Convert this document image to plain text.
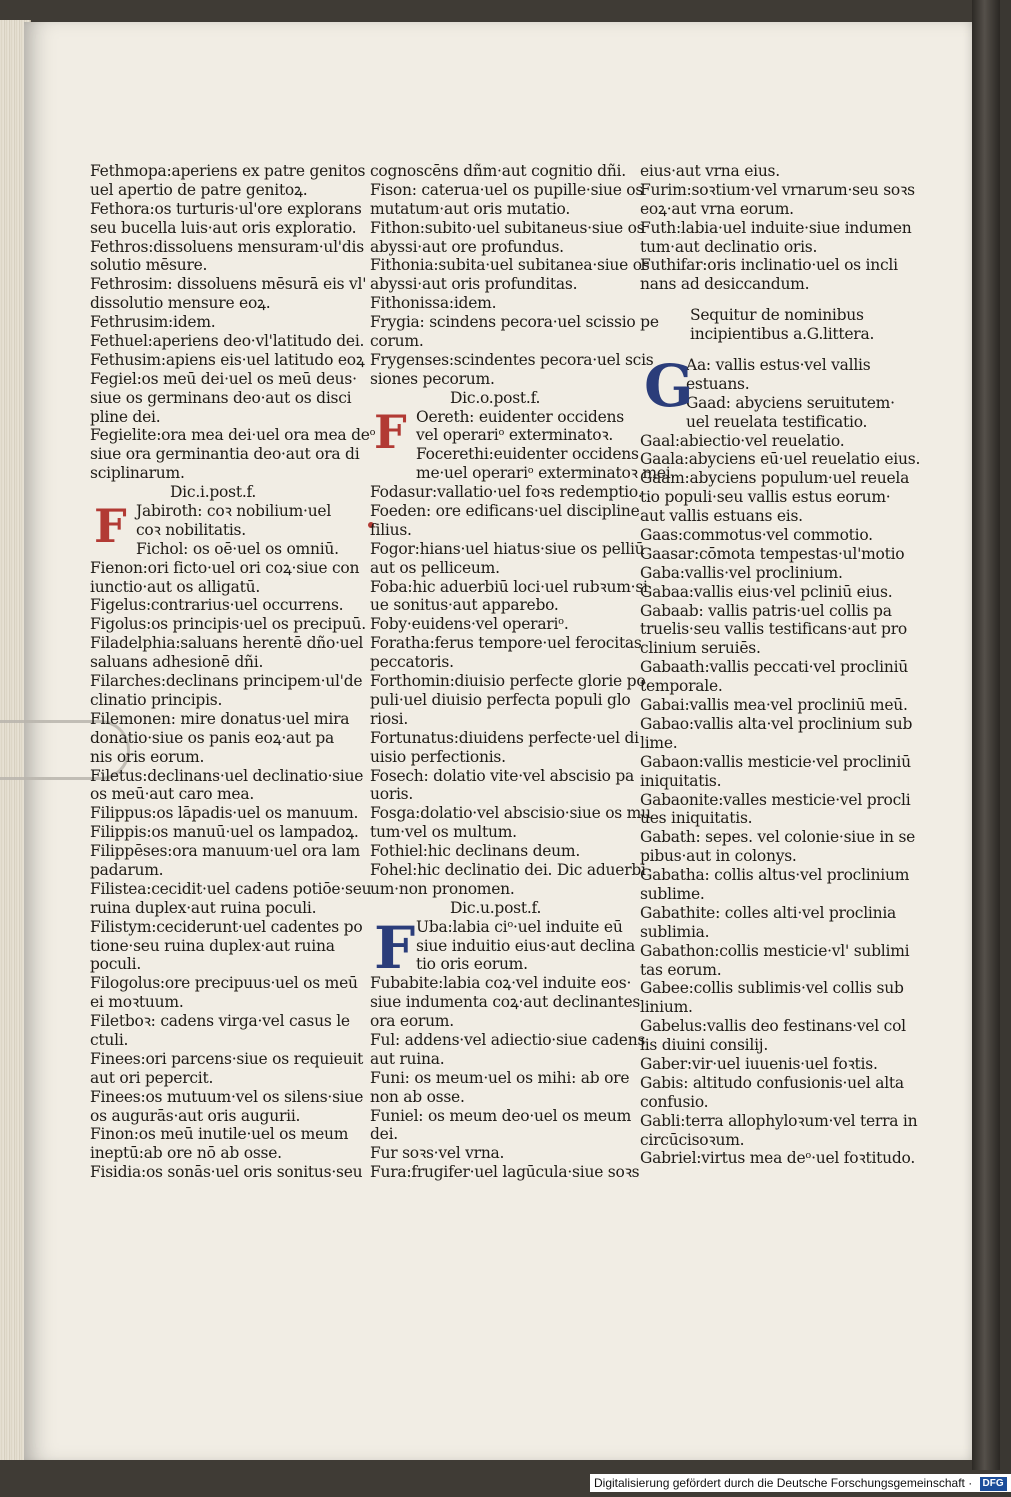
Fethmopa:aperiens ex patre genitos
uel apertio de patre genitoꝝ.
Fethora:os turturis·ul'ore explorans
seu bucella luis·aut oris exploratio.
Fethros:dissoluens mensuram·ul'dis
solutio mēsure.
Fethrosim: dissoluens mēsurā eis vl'
dissolutio mensure eoꝝ.
Fethrusim:idem.
Fethuel:aperiens deo·vl'latitudo dei.
Fethusim:apiens eis·uel latitudo eoꝝ
Fegiel:os meū dei·uel os meū deus·
siue os germinans deo·aut os disci
pline dei.
Fegielite:ora mea dei·uel ora mea deᵒ
siue ora germinantia deo·aut ora di
sciplinarum.
Dic.i.post.f.
F Jabiroth: coꝛ nobilium·uel
coꝛ nobilitatis.
Fichol: os oē·uel os omniū.
Fienon:ori ficto·uel ori coꝝ·siue con
iunctio·aut os alligatū.
Figelus:contrarius·uel occurrens.
Figolus:os principis·uel os precipuū.
Filadelphia:saluans herentē dño·uel
saluans adhesionē dñi.
Filarches:declinans principem·ul'de
clinatio principis.
Filemonen: mire donatus·uel mira
donatio·siue os panis eoꝝ·aut pa
nis oris eorum.
Filetus:declinans·uel declinatio·siue
os meū·aut caro mea.
Filippus:os lāpadis·uel os manuum.
Filippis:os manuū·uel os lampadoꝝ.
Filippēses:ora manuum·uel ora lam
padarum.
Filistea:cecidit·uel cadens potiōe·seu
ruina duplex·aut ruina poculi.
Filistym:ceciderunt·uel cadentes po
tione·seu ruina duplex·aut ruina
poculi.
Filogolus:ore precipuus·uel os meū
ei moꝛtuum.
Filetboꝛ: cadens virga·vel casus le
ctuli.
Finees:ori parcens·siue os requieuit
aut ori pepercit.
Finees:os mutuum·vel os silens·siue
os augurās·aut oris augurii.
Finon:os meū inutile·uel os meum
ineptū:ab ore nō ab osse.
Fisidia:os sonās·uel oris sonitus·seu
cognoscēns dñm·aut cognitio dñi.
Fison: caterua·uel os pupille·siue os
mutatum·aut oris mutatio.
Fithon:subito·uel subitaneus·siue os
abyssi·aut ore profundus.
Fithonia:subita·uel subitanea·siue os
abyssi·aut oris profunditas.
Fithonissa:idem.
Frygia: scindens pecora·uel scissio pe
corum.
Frygenses:scindentes pecora·uel scis
siones pecorum.
Dic.o.post.f.
F Oereth: euidenter occidens
vel operariᵒ exterminatoꝛ.
Focerethi:euidenter occidens
me·uel operariᵒ exterminatoꝛ mei.
Fodasur:vallatio·uel foꝛs redemptio.
Foeden: ore edificans·uel discipline
filius.
Fogor:hians·uel hiatus·siue os pelliū
aut os pelliceum.
Foba:hic aduerbiū loci·uel rubꝛum·si
ue sonitus·aut apparebo.
Foby·euidens·vel operariᵒ.
Foratha:ferus tempore·uel ferocitas
peccatoris.
Forthomin:diuisio perfecte glorie po
puli·uel diuisio perfecta populi glo
riosi.
Fortunatus:diuidens perfecte·uel di
uisio perfectionis.
Fosech: dolatio vite·vel abscisio pa
uoris.
Fosga:dolatio·vel abscisio·siue os mu
tum·vel os multum.
Fothiel:hic declinans deum.
Fohel:hic declinatio dei. Dic aduerbi
um·non pronomen.
Dic.u.post.f.
F Uba:labia ciᵒ·uel induite eū
siue induitio eius·aut declina
tio oris eorum.
Fubabite:labia coꝝ·vel induite eos·
siue indumenta coꝝ·aut declinantes
ora eorum.
Ful: addens·vel adiectio·siue cadens
aut ruina.
Funi: os meum·uel os mihi: ab ore
non ab osse.
Funiel: os meum deo·uel os meum
dei.
Fur soꝛs·vel vrna.
Fura:frugifer·uel lagūcula·siue soꝛs
eius·aut vrna eius.
Furim:soꝛtium·vel vrnarum·seu soꝛs
eoꝝ·aut vrna eorum.
Futh:labia·uel induite·siue indumen
tum·aut declinatio oris.
Futhifar:oris inclinatio·uel os incli
nans ad desiccandum.
Sequitur de nominibus
incipientibus a.G.littera.
G
Aa: vallis estus·vel vallis
estuans.
Gaad: abyciens seruitutem·
uel reuelata testificatio.
Gaal:abiectio·vel reuelatio.
Gaala:abyciens eū·uel reuelatio eius.
Gaam:abyciens populum·uel reuela
tio populi·seu vallis estus eorum·
aut vallis estuans eis.
Gaas:commotus·vel commotio.
Gaasar:cōmota tempestas·ul'motio
Gaba:vallis·vel proclinium.
Gabaa:vallis eius·vel pcliniū eius.
Gabaab: vallis patris·uel collis pa
truelis·seu vallis testificans·aut pro
clinium seruiēs.
Gabaath:vallis peccati·vel procliniū
temporale.
Gabai:vallis mea·vel procliniū meū.
Gabao:vallis alta·vel proclinium sub
lime.
Gabaon:vallis mesticie·vel procliniū
iniquitatis.
Gabaonite:valles mesticie·vel procli
ues iniquitatis.
Gabath: sepes. vel colonie·siue in se
pibus·aut in colonys.
Gabatha: collis altus·vel proclinium
sublime.
Gabathite: colles alti·vel proclinia
sublimia.
Gabathon:collis mesticie·vl' sublimi
tas eorum.
Gabee:collis sublimis·vel collis sub
linium.
Gabelus:vallis deo festinans·vel col
lis diuini consilij.
Gaber:vir·uel iuuenis·uel foꝛtis.
Gabis: altitudo confusionis·uel alta
confusio.
Gabli:terra allophyloꝛum·vel terra in
circūcisoꝛum.
Gabriel:virtus mea deᵒ·uel foꝛtitudo.
Digitalisierung gefördert durch die Deutsche Forschungsgemeinschaft · DFG
